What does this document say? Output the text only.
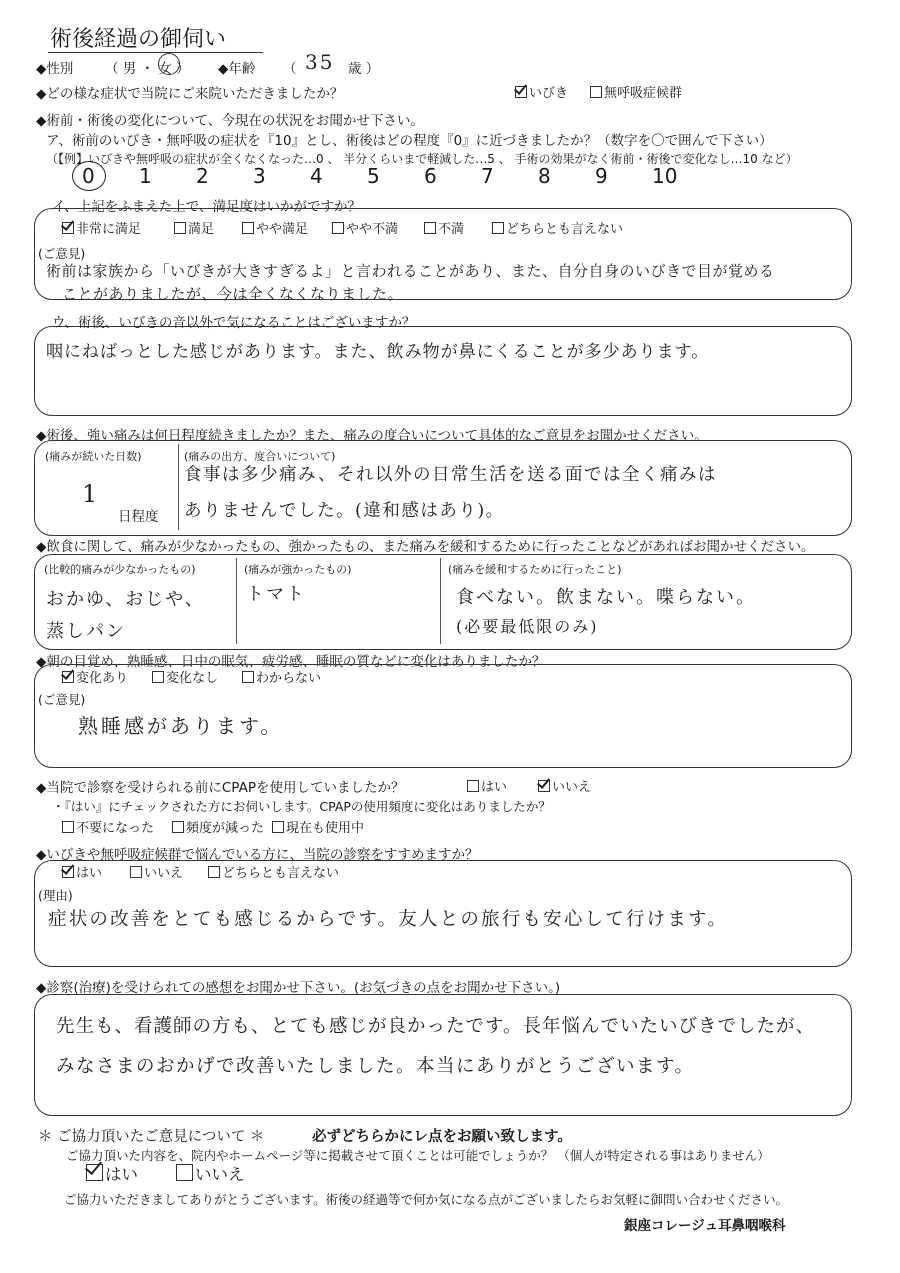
術後経過の御伺い
◆性別 （ 男 ・ 女 ） ◆年齢 （ 35 歳 ）
◆どの様な症状で当院にご来院いただきましたか？	いびき	無呼吸症候群
◆術前・術後の変化について、今現在の状況をお聞かせ下さい。
ア、術前のいびき・無呼吸の症状を『10』とし、術後はどの程度『0』に近づきましたか？（数字を〇で囲んで下さい）
（【例】いびきや無呼吸の症状が全くなくなった…0 、 半分くらいまで軽減した…5 、 手術の効果がなく術前・術後で変化なし…10 など）
0 1 2 3 4 5 6 7 8 9 10
イ、上記をふまえた上で、満足度はいかがですか？
非常に満足	満足	やや満足	やや不満	不満	どちらとも言えない
(ご意見)
術前は家族から「いびきが大きすぎるよ」と言われることがあり、また、自分自身のいびきで目が覚める
ことがありましたが、今は全くなくなりました。
ウ、術後、いびきの音以外で気になることはございますか？
咽にねばっとした感じがあります。また、飲み物が鼻にくることが多少あります。
◆術後、強い痛みは何日程度続きましたか？また、痛みの度合いについて具体的なご意見をお聞かせください。
(痛みが続いた日数)
1
日程度
(痛みの出方、度合いについて)
食事は多少痛み、それ以外の日常生活を送る面では全く痛みは
ありませんでした。(違和感はあり)。
◆飲食に関して、痛みが少なかったもの、強かったもの、また痛みを緩和するために行ったことなどがあればお聞かせください。
(比較的痛みが少なかったもの)
おかゆ、おじや、
蒸しパン
(痛みが強かったもの)
トマト
(痛みを緩和するために行ったこと)
食べない。飲まない。喋らない。
(必要最低限のみ)
◆朝の目覚め、熟睡感、日中の眠気、疲労感、睡眠の質などに変化はありましたか？
変化あり	変化なし	わからない
(ご意見)
熟睡感があります。
◆当院で診察を受けられる前にCPAPを使用していましたか？	はい	いいえ
・『はい』にチェックされた方にお伺いします。CPAPの使用頻度に変化はありましたか？
不要になった	頻度が減った	現在も使用中
◆いびきや無呼吸症候群で悩んでいる方に、当院の診察をすすめますか？
はい	いいえ	どちらとも言えない
(理由)
症状の改善をとても感じるからです。友人との旅行も安心して行けます。
◆診察(治療)を受けられての感想をお聞かせ下さい。(お気づきの点をお聞かせ下さい。)
先生も、看護師の方も、とても感じが良かったです。長年悩んでいたいびきでしたが、
みなさまのおかげで改善いたしました。本当にありがとうございます。
＊ ご協力頂いたご意見について ＊	必ずどちらかにレ点をお願い致します。
ご協力頂いた内容を、院内やホームページ等に掲載させて頂くことは可能でしょうか？ （個人が特定される事はありません）
はい	いいえ
ご協力いただきましてありがとうございます。術後の経過等で何か気になる点がございましたらお気軽に御問い合わせください。
銀座コレージュ耳鼻咽喉科
